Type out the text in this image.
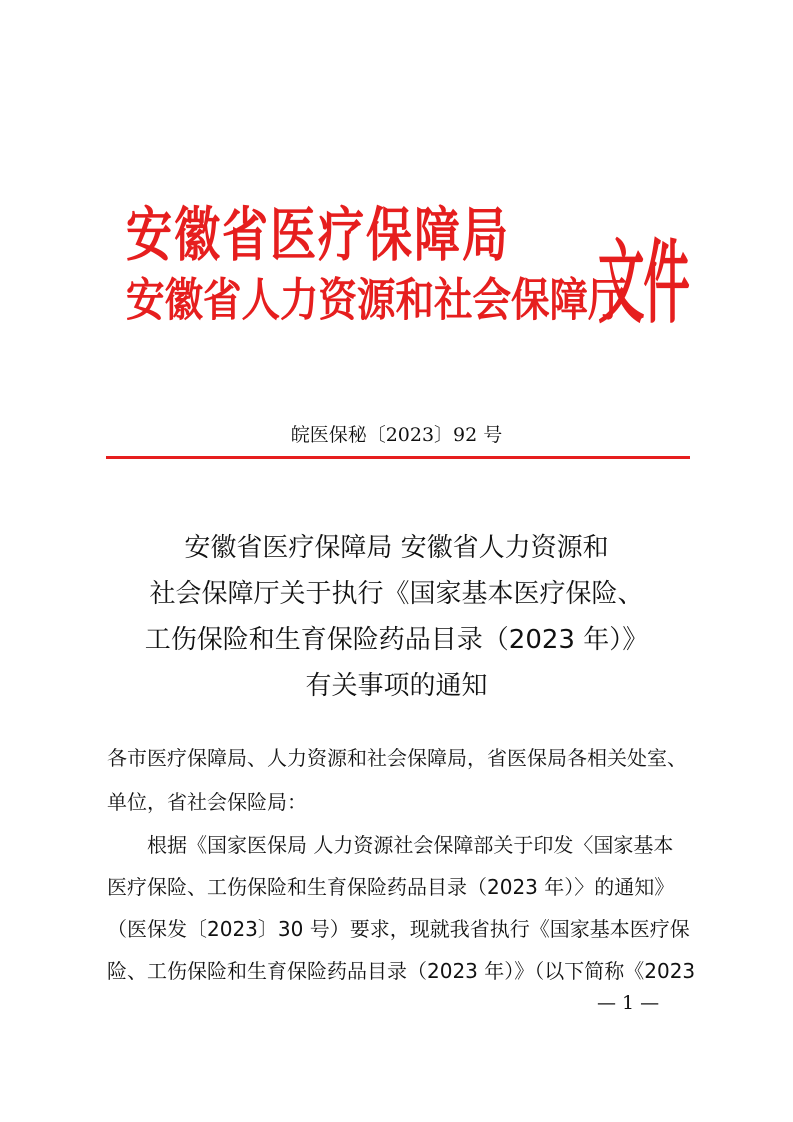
安徽省医疗保障局
安徽省人力资源和社会保障厅
文件
皖医保秘〔2023〕92 号
安徽省医疗保障局 安徽省人力资源和
社会保障厅关于执行《国家基本医疗保险、
工伤保险和生育保险药品目录（2023 年）》
有关事项的通知
各市医疗保障局、人力资源和社会保障局，省医保局各相关处室、
单位，省社会保险局：
根据《国家医保局 人力资源社会保障部关于印发〈国家基本
医疗保险、工伤保险和生育保险药品目录（2023 年）〉的通知》
（医保发〔2023〕30 号）要求，现就我省执行《国家基本医疗保
险、工伤保险和生育保险药品目录（2023 年）》（以下简称《2023
— 1 —
